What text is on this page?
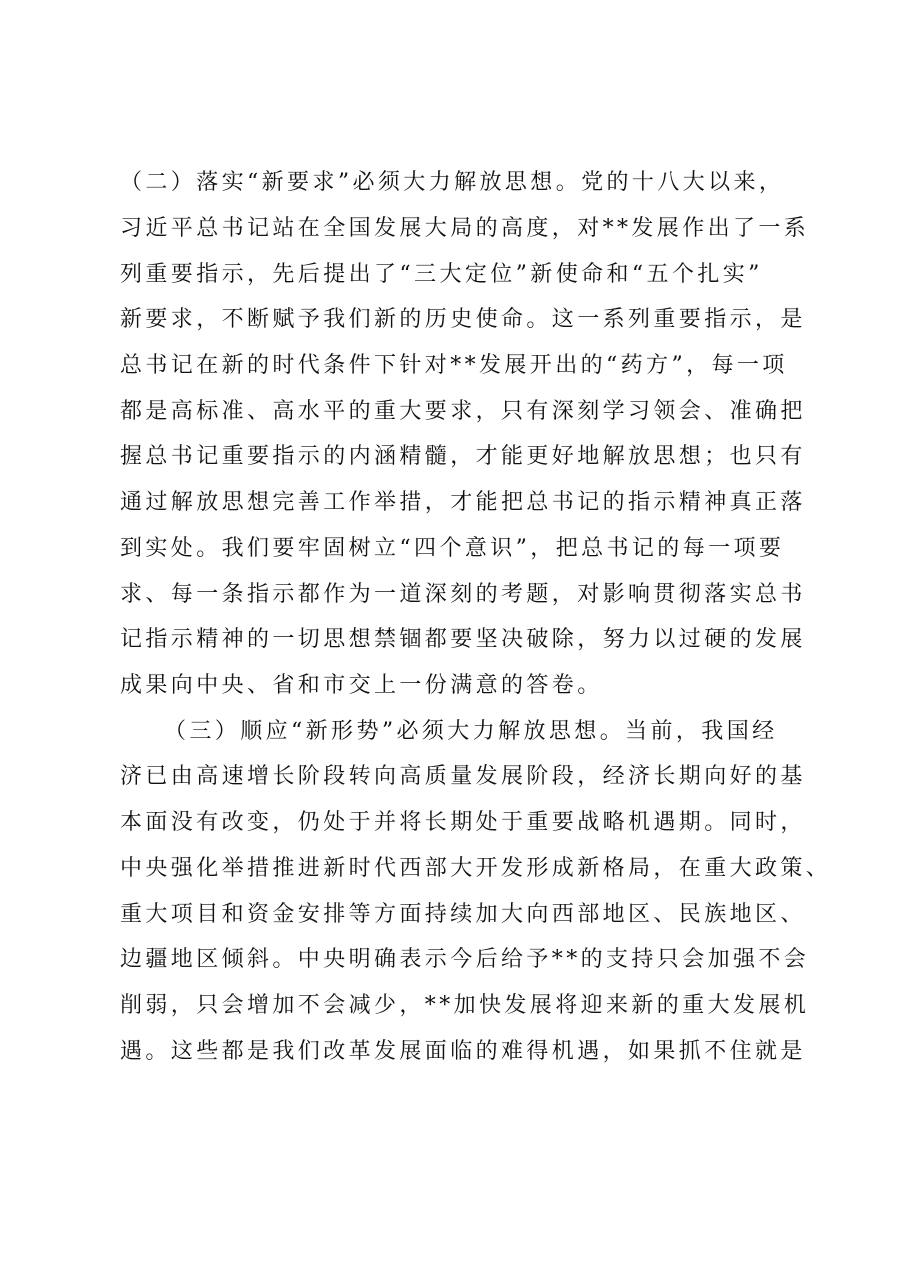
（二）落实“新要求”必须大力解放思想。党的十八大以来，
习近平总书记站在全国发展大局的高度，对**发展作出了一系
列重要指示，先后提出了“三大定位”新使命和“五个扎实”
新要求，不断赋予我们新的历史使命。这一系列重要指示，是
总书记在新的时代条件下针对**发展开出的“药方”，每一项
都是高标准、高水平的重大要求，只有深刻学习领会、准确把
握总书记重要指示的内涵精髓，才能更好地解放思想；也只有
通过解放思想完善工作举措，才能把总书记的指示精神真正落
到实处。我们要牢固树立“四个意识”，把总书记的每一项要
求、每一条指示都作为一道深刻的考题，对影响贯彻落实总书
记指示精神的一切思想禁锢都要坚决破除，努力以过硬的发展
成果向中央、省和市交上一份满意的答卷。
（三）顺应“新形势”必须大力解放思想。当前，我国经
济已由高速增长阶段转向高质量发展阶段，经济长期向好的基
本面没有改变，仍处于并将长期处于重要战略机遇期。同时，
中央强化举措推进新时代西部大开发形成新格局，在重大政策、
重大项目和资金安排等方面持续加大向西部地区、民族地区、
边疆地区倾斜。中央明确表示今后给予**的支持只会加强不会
削弱，只会增加不会减少，**加快发展将迎来新的重大发展机
遇。这些都是我们改革发展面临的难得机遇，如果抓不住就是
